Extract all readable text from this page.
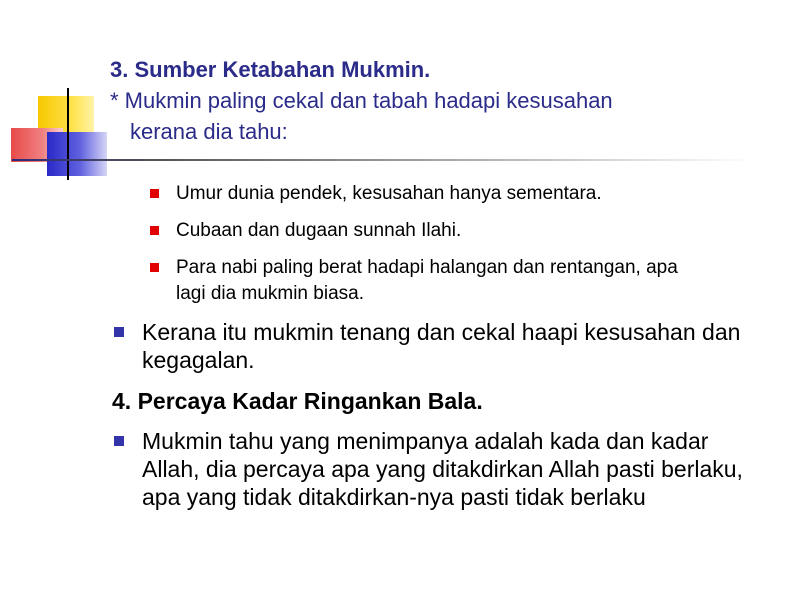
3. Sumber Ketabahan Mukmin.
* Mukmin paling cekal dan tabah hadapi kesusahan
kerana dia tahu:
Umur dunia pendek, kesusahan hanya sementara.
Cubaan dan dugaan sunnah Ilahi.
Para nabi paling berat hadapi halangan dan rentangan, apa
lagi dia mukmin biasa.
Kerana itu mukmin tenang dan cekal haapi kesusahan dan
kegagalan.
4. Percaya Kadar Ringankan Bala.
Mukmin tahu yang menimpanya adalah kada dan kadar
Allah, dia percaya apa yang ditakdirkan Allah pasti berlaku,
apa yang tidak ditakdirkan-nya pasti tidak berlaku
